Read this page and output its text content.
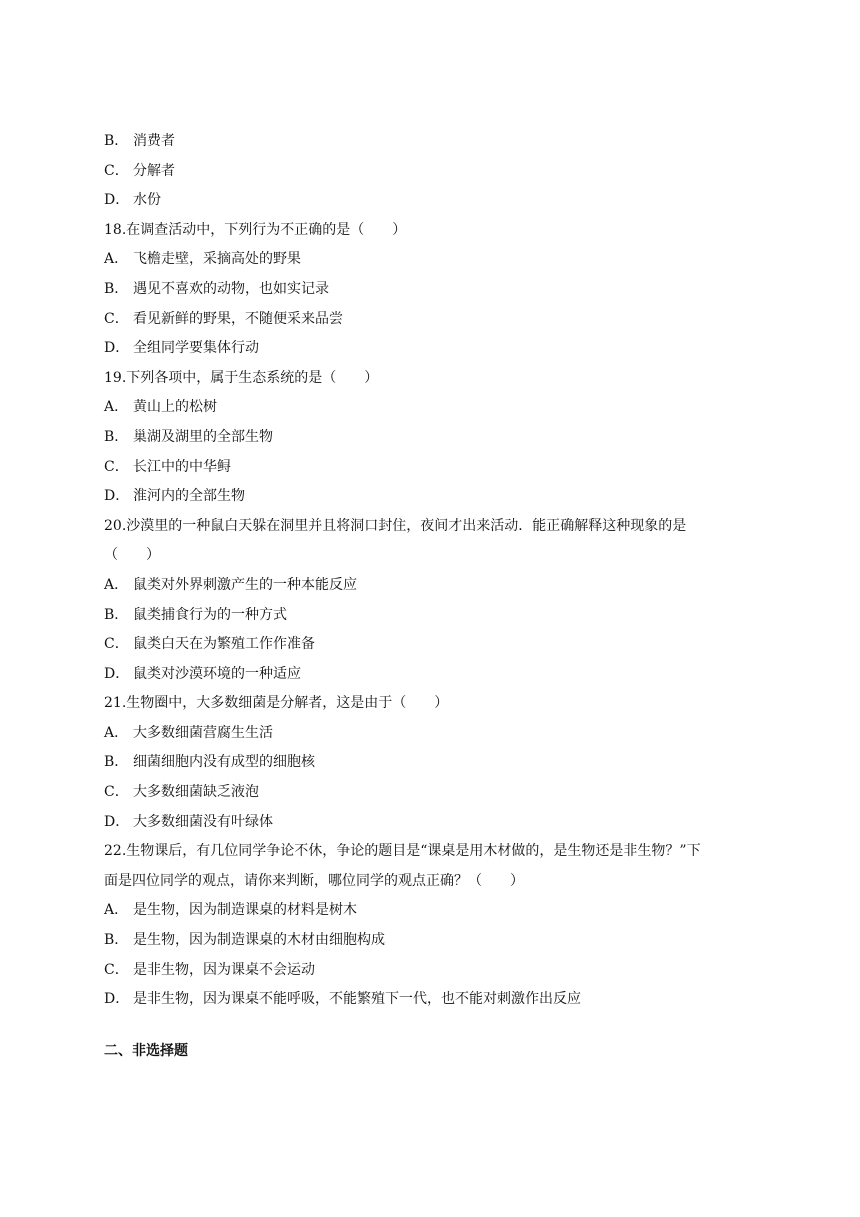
B． 消费者
C． 分解者
D． 水份
18.在调查活动中，下列行为不正确的是（　　）
A． 飞檐走壁，采摘高处的野果
B． 遇见不喜欢的动物，也如实记录
C． 看见新鲜的野果，不随便采来品尝
D． 全组同学要集体行动
19.下列各项中，属于生态系统的是（　　）
A． 黄山上的松树
B． 巢湖及湖里的全部生物
C． 长江中的中华鲟
D． 淮河内的全部生物
20.沙漠里的一种鼠白天躲在洞里并且将洞口封住，夜间才出来活动．能正确解释这种现象的是
（　　）
A． 鼠类对外界刺激产生的一种本能反应
B． 鼠类捕食行为的一种方式
C． 鼠类白天在为繁殖工作作准备
D． 鼠类对沙漠环境的一种适应
21.生物圈中，大多数细菌是分解者，这是由于（　　）
A． 大多数细菌营腐生生活
B． 细菌细胞内没有成型的细胞核
C． 大多数细菌缺乏液泡
D． 大多数细菌没有叶绿体
22.生物课后，有几位同学争论不休，争论的题目是“课桌是用木材做的，是生物还是非生物？”下
面是四位同学的观点，请你来判断，哪位同学的观点正确？（　　）
A． 是生物，因为制造课桌的材料是树木
B． 是生物，因为制造课桌的木材由细胞构成
C． 是非生物，因为课桌不会运动
D． 是非生物，因为课桌不能呼吸，不能繁殖下一代，也不能对刺激作出反应
二、非选择题
